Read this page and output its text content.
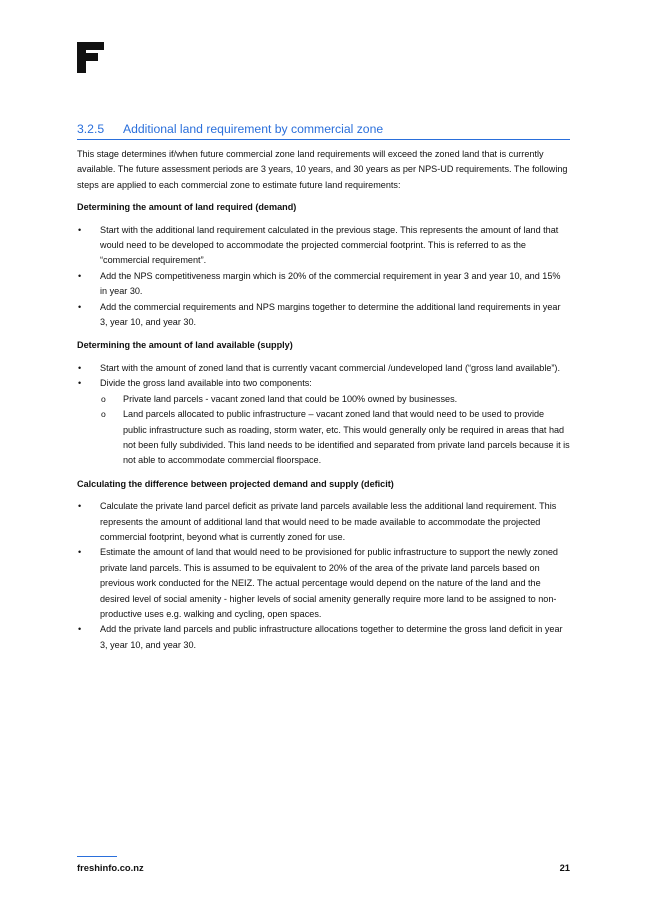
3.2.5 Additional land requirement by commercial zone

This stage determines if/when future commercial zone land requirements will exceed the zoned land that is currently available. The future assessment periods are 3 years, 10 years, and 30 years as per NPS-UD requirements. The following steps are applied to each commercial zone to estimate future land requirements:

Determining the amount of land required (demand)

• Start with the additional land requirement calculated in the previous stage. This represents the amount of land that would need to be developed to accommodate the projected commercial footprint. This is referred to as the “commercial requirement”.
• Add the NPS competitiveness margin which is 20% of the commercial requirement in year 3 and year 10, and 15% in year 30.
• Add the commercial requirements and NPS margins together to determine the additional land requirements in year 3, year 10, and year 30.

Determining the amount of land available (supply)

• Start with the amount of zoned land that is currently vacant commercial /undeveloped land (“gross land available”).
• Divide the gross land available into two components:
o Private land parcels - vacant zoned land that could be 100% owned by businesses.
o Land parcels allocated to public infrastructure – vacant zoned land that would need to be used to provide public infrastructure such as roading, storm water, etc. This would generally only be required in areas that had not been fully subdivided. This land needs to be identified and separated from private land parcels because it is not able to accommodate commercial floorspace.

Calculating the difference between projected demand and supply (deficit)

• Calculate the private land parcel deficit as private land parcels available less the additional land requirement. This represents the amount of additional land that would need to be made available to accommodate the projected commercial footprint, beyond what is currently zoned for use.
• Estimate the amount of land that would need to be provisioned for public infrastructure to support the newly zoned private land parcels. This is assumed to be equivalent to 20% of the area of the private land parcels based on previous work conducted for the NEIZ. The actual percentage would depend on the nature of the land and the desired level of social amenity - higher levels of social amenity generally require more land to be assigned to non-productive uses e.g. walking and cycling, open spaces.
• Add the private land parcels and public infrastructure allocations together to determine the gross land deficit in year 3, year 10, and year 30.
freshinfo.co.nz	21
